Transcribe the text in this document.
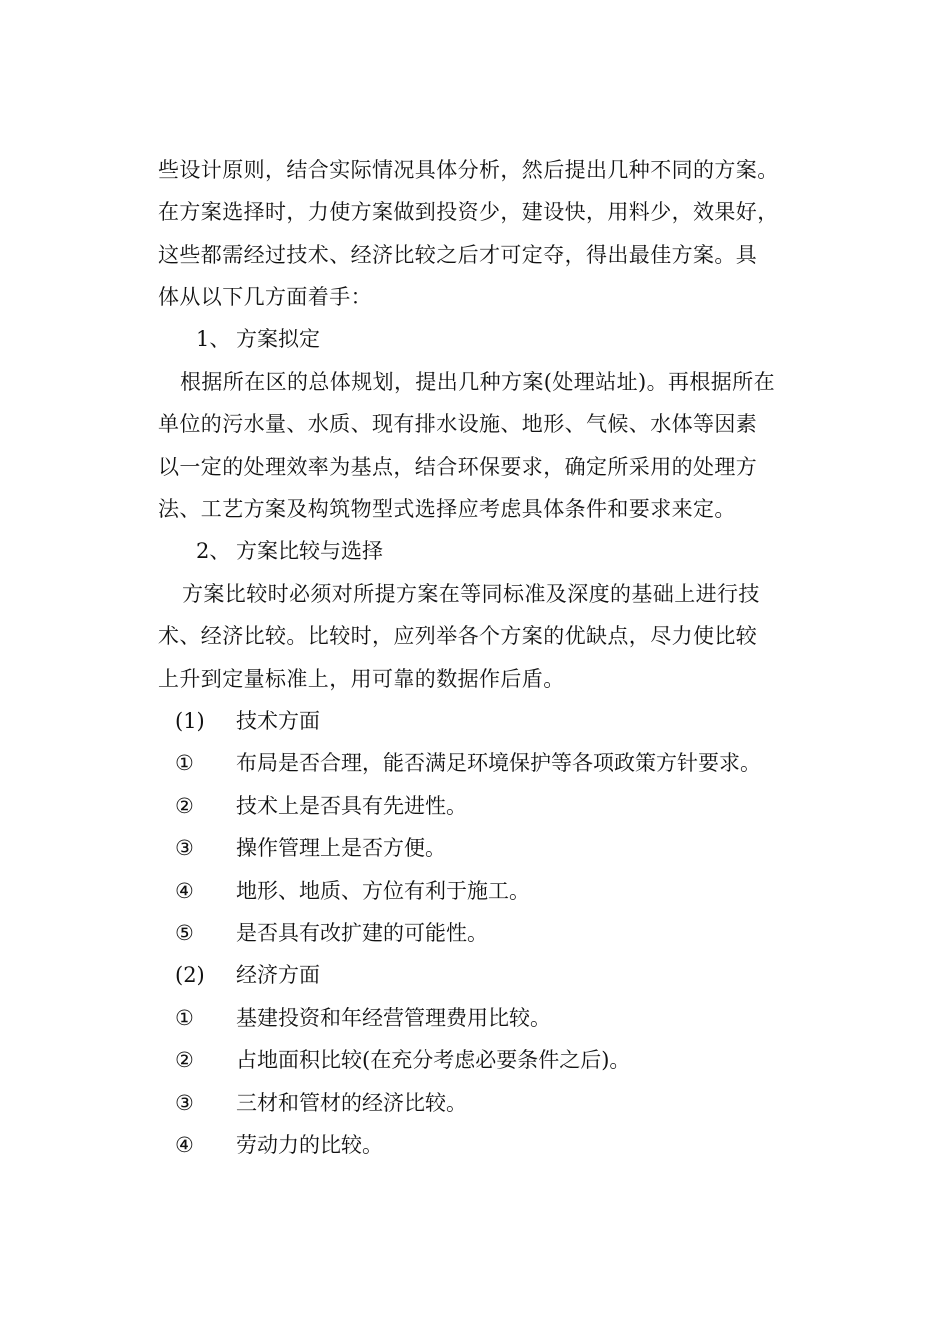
些设计原则，结合实际情况具体分析，然后提出几种不同的方案。
在方案选择时，力使方案做到投资少，建设快，用料少，效果好，
这些都需经过技术、经济比较之后才可定夺，得出最佳方案。具
体从以下几方面着手：
1、 方案拟定
根据所在区的总体规划，提出几种方案(处理站址)。再根据所在
单位的污水量、水质、现有排水设施、地形、气候、水体等因素
以一定的处理效率为基点，结合环保要求，确定所采用的处理方
法、工艺方案及构筑物型式选择应考虑具体条件和要求来定。
2、 方案比较与选择
方案比较时必须对所提方案在等同标准及深度的基础上进行技
术、经济比较。比较时，应列举各个方案的优缺点，尽力使比较
上升到定量标准上，用可靠的数据作后盾。
(1)	技术方面
①	布局是否合理，能否满足环境保护等各项政策方针要求。
②	技术上是否具有先进性。
③	操作管理上是否方便。
④	地形、地质、方位有利于施工。
⑤	是否具有改扩建的可能性。
(2)	经济方面
①	基建投资和年经营管理费用比较。
②	占地面积比较(在充分考虑必要条件之后)。
③	三材和管材的经济比较。
④	劳动力的比较。
